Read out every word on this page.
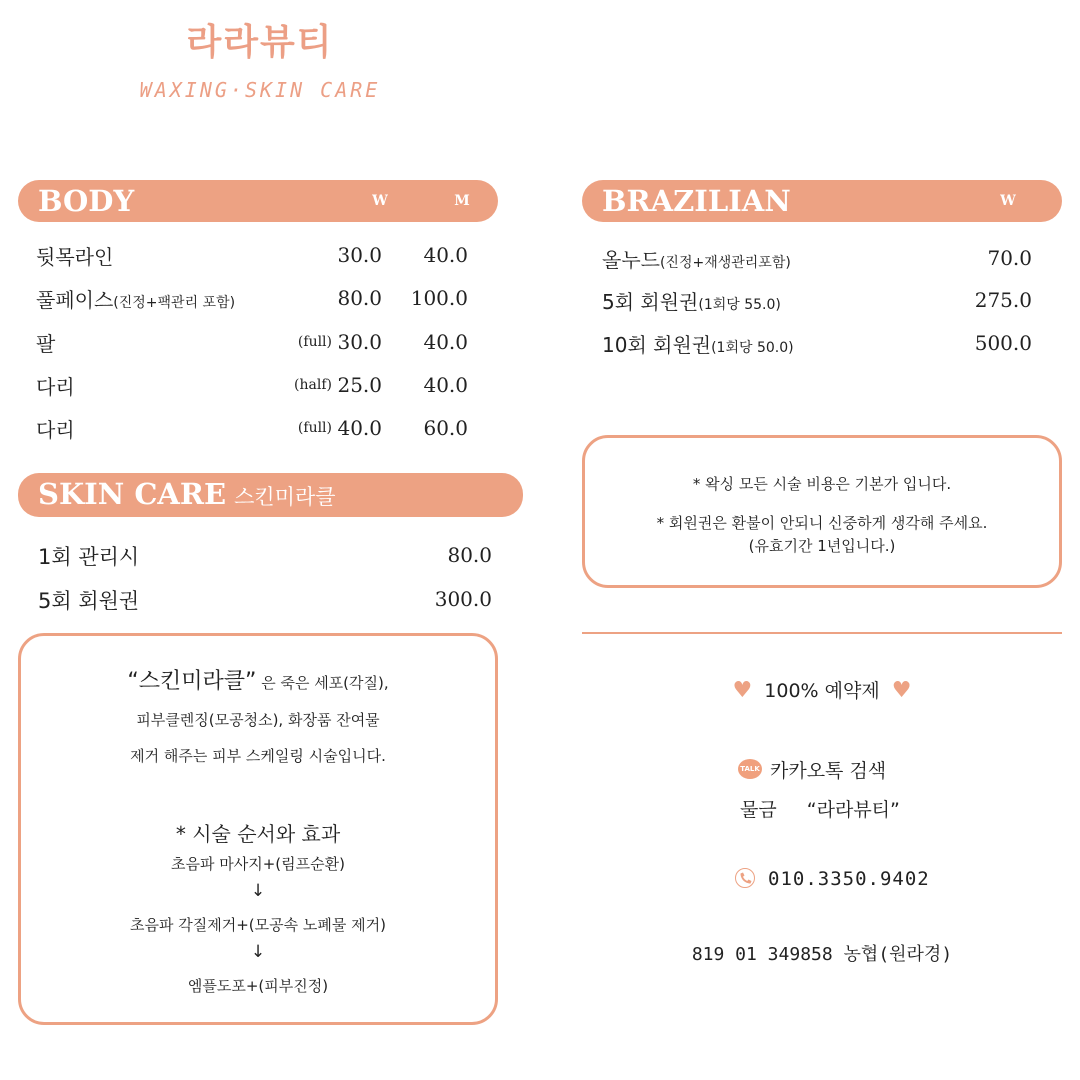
라라뷰티
WAXING·SKIN CARE
BODY	W	M
뒷목라인	30.0	40.0
풀페이스(진정+팩관리 포함)	80.0	100.0
팔	(full) 30.0	40.0
다리	(half) 25.0	40.0
다리	(full) 40.0	60.0
SKIN CARE 스킨미라클
1회 관리시	80.0
5회 회원권	300.0
“스킨미라클” 은 죽은 세포(각질),
피부클렌징(모공청소), 화장품 잔여물
제거 해주는 피부 스케일링 시술입니다.
* 시술 순서와 효과
초음파 마사지+(림프순환)
↓
초음파 각질제거+(모공속 노폐물 제거)
↓
엠플도포+(피부진정)
BRAZILIAN	W
올누드(진정+재생관리포함)	70.0
5회 회원권(1회당 55.0)	275.0
10회 회원권(1회당 50.0)	500.0
* 왁싱 모든 시술 비용은 기본가 입니다.
* 회원권은 환불이 안되니 신중하게 생각해 주세요.
(유효기간 1년입니다.)
♥ 100% 예약제 ♥
TALK 카카오톡 검색
물금 “라라뷰티”
010.3350.9402
819 01 349858 농협(원라경)
